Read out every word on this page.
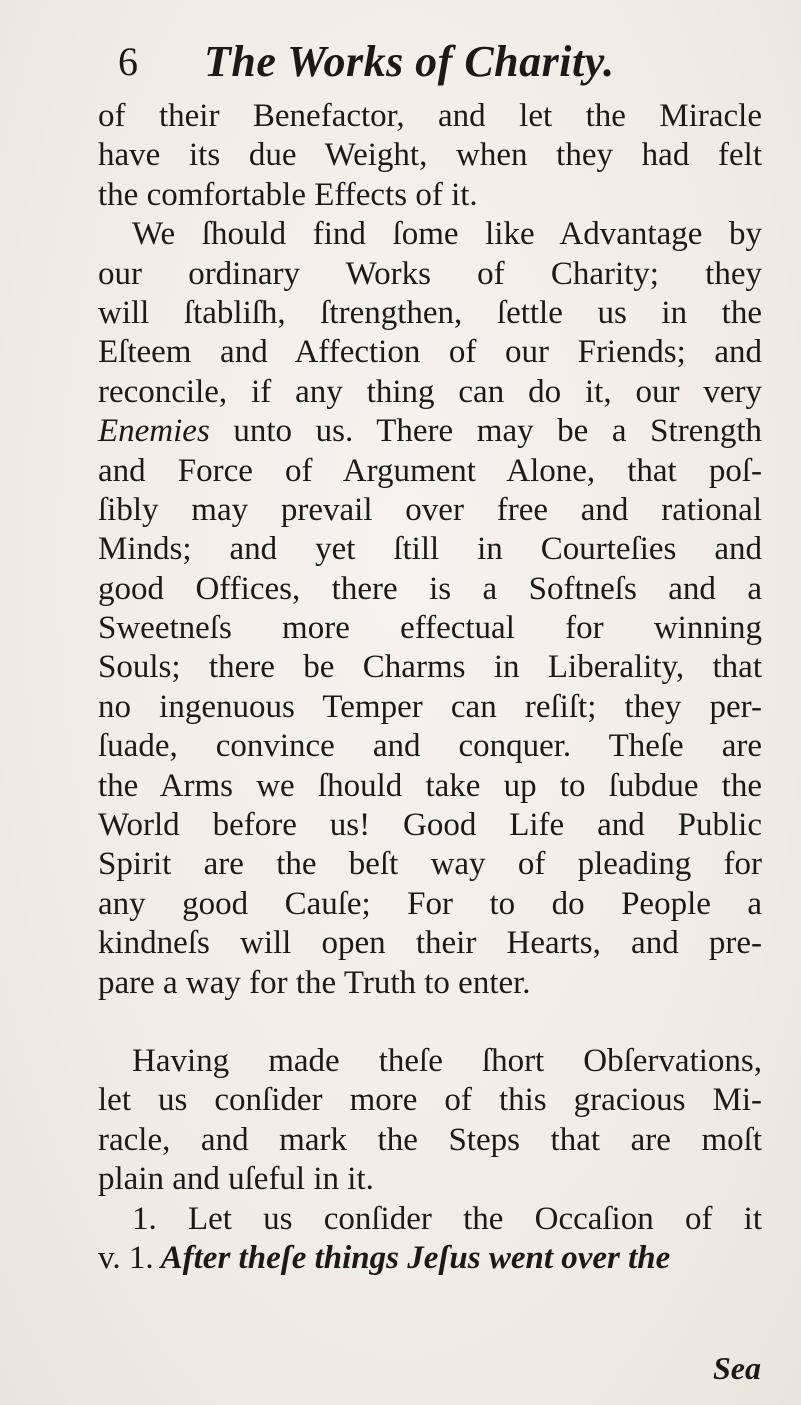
6 The Works of Charity.
of their Benefactor, and let the Miracle
have its due Weight, when they had felt
the comfortable Effects of it.
We ſhould find ſome like Advantage by
our ordinary Works of Charity; they
will ſtabliſh, ſtrengthen, ſettle us in the
Eſteem and Affection of our Friends; and
reconcile, if any thing can do it, our very
Enemies unto us. There may be a Strength
and Force of Argument Alone, that poſ-
ſibly may prevail over free and rational
Minds; and yet ſtill in Courteſies and
good Offices, there is a Softneſs and a
Sweetneſs more effectual for winning
Souls; there be Charms in Liberality, that
no ingenuous Temper can reſiſt; they per-
ſuade, convince and conquer. Theſe are
the Arms we ſhould take up to ſubdue the
World before us! Good Life and Public
Spirit are the beſt way of pleading for
any good Cauſe; For to do People a
kindneſs will open their Hearts, and pre-
pare a way for the Truth to enter.
Having made theſe ſhort Obſervations,
let us conſider more of this gracious Mi-
racle, and mark the Steps that are moſt
plain and uſeful in it.
1. Let us conſider the Occaſion of it
v. 1. After theſe things Jeſus went over the
Sea
